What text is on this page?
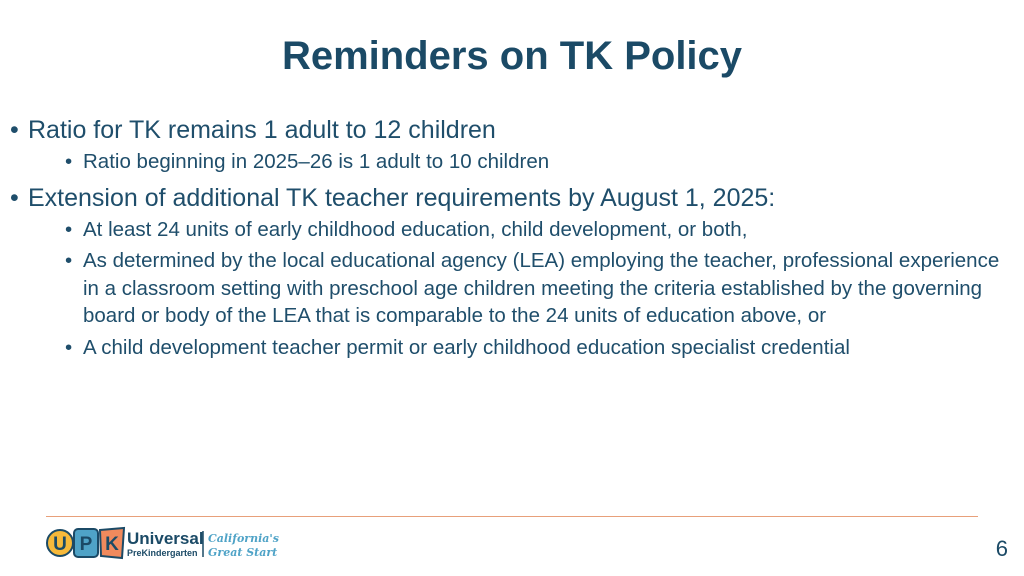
Reminders on TK Policy
• Ratio for TK remains 1 adult to 12 children
• Ratio beginning in 2025–26 is 1 adult to 10 children
• Extension of additional TK teacher requirements by August 1, 2025:
• At least 24 units of early childhood education, child development, or both,
• As determined by the local educational agency (LEA) employing the teacher, professional experience in a classroom setting with preschool age children meeting the criteria established by the governing board or body of the LEA that is comparable to the 24 units of education above, or
• A child development teacher permit or early childhood education specialist credential
U P K Universal
PreKindergarten
California's
Great Start	6
